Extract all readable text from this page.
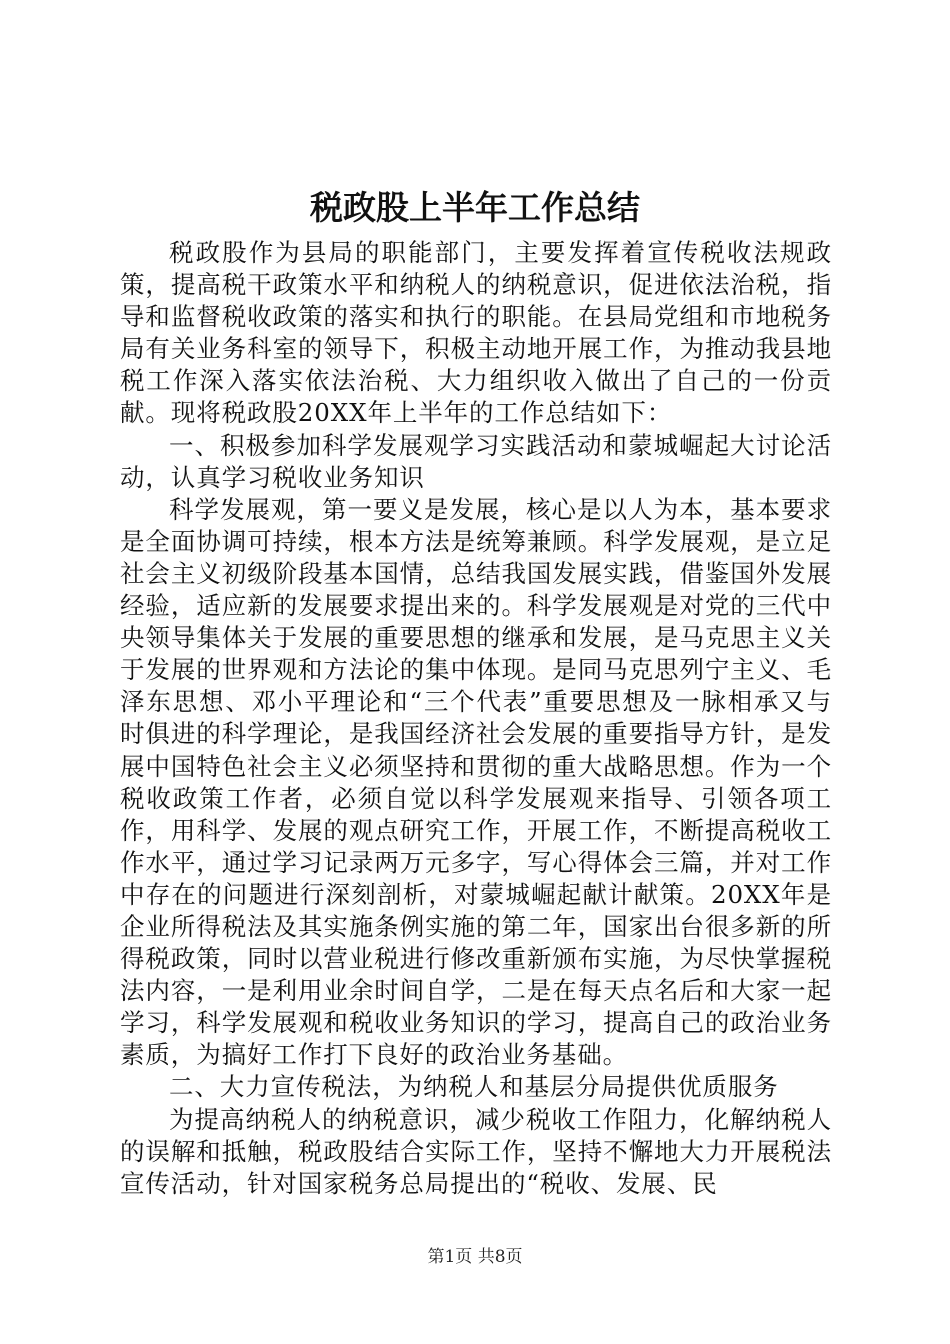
税政股上半年工作总结

税政股作为县局的职能部门，主要发挥着宣传税收法规政策，提高税干政策水平和纳税人的纳税意识，促进依法治税，指导和监督税收政策的落实和执行的职能。在县局党组和市地税务局有关业务科室的领导下，积极主动地开展工作，为推动我县地税工作深入落实依法治税、大力组织收入做出了自己的一份贡献。现将税政股20XX年上半年的工作总结如下：

一、积极参加科学发展观学习实践活动和蒙城崛起大讨论活动，认真学习税收业务知识

科学发展观，第一要义是发展，核心是以人为本，基本要求是全面协调可持续，根本方法是统筹兼顾。科学发展观，是立足社会主义初级阶段基本国情，总结我国发展实践，借鉴国外发展经验，适应新的发展要求提出来的。科学发展观是对党的三代中央领导集体关于发展的重要思想的继承和发展，是马克思主义关于发展的世界观和方法论的集中体现。是同马克思列宁主义、毛泽东思想、邓小平理论和“三个代表”重要思想及一脉相承又与时俱进的科学理论，是我国经济社会发展的重要指导方针，是发展中国特色社会主义必须坚持和贯彻的重大战略思想。作为一个税收政策工作者，必须自觉以科学发展观来指导、引领各项工作，用科学、发展的观点研究工作，开展工作，不断提高税收工作水平，通过学习记录两万元多字，写心得体会三篇，并对工作中存在的问题进行深刻剖析，对蒙城崛起献计献策。20XX年是企业所得税法及其实施条例实施的第二年，国家出台很多新的所得税政策，同时以营业税进行修改重新颁布实施，为尽快掌握税法内容，一是利用业余时间自学，二是在每天点名后和大家一起学习，科学发展观和税收业务知识的学习，提高自己的政治业务素质，为搞好工作打下良好的政治业务基础。

二、大力宣传税法，为纳税人和基层分局提供优质服务

为提高纳税人的纳税意识，减少税收工作阻力，化解纳税人的误解和抵触，税政股结合实际工作，坚持不懈地大力开展税法宣传活动，针对国家税务总局提出的“税收、发展、民

第1页 共8页
